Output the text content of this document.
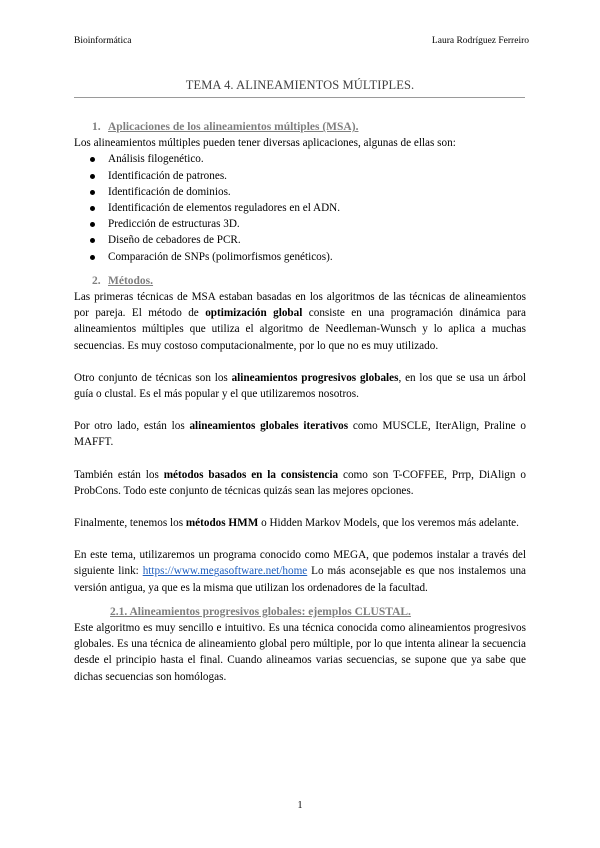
Bioinformática	Laura Rodríguez Ferreiro
TEMA 4. ALINEAMIENTOS MÚLTIPLES.
1. Aplicaciones de los alineamientos múltiples (MSA).

Los alineamientos múltiples pueden tener diversas aplicaciones, algunas de ellas son:

Análisis filogenético.
Identificación de patrones.
Identificación de dominios.
Identificación de elementos reguladores en el ADN.
Predicción de estructuras 3D.
Diseño de cebadores de PCR.
Comparación de SNPs (polimorfismos genéticos).
2. Métodos.

Las primeras técnicas de MSA estaban basadas en los algoritmos de las técnicas de alineamientos por pareja. El método de optimización global consiste en una programación dinámica para alineamientos múltiples que utiliza el algoritmo de Needleman-Wunsch y lo aplica a muchas secuencias. Es muy costoso computacionalmente, por lo que no es muy utilizado.

Otro conjunto de técnicas son los alineamientos progresivos globales, en los que se usa un árbol guía o clustal. Es el más popular y el que utilizaremos nosotros.

Por otro lado, están los alineamientos globales iterativos como MUSCLE, IterAlign, Praline o MAFFT.

También están los métodos basados en la consistencia como son T-COFFEE, Prrp, DiAlign o ProbCons. Todo este conjunto de técnicas quizás sean las mejores opciones.

Finalmente, tenemos los métodos HMM o Hidden Markov Models, que los veremos más adelante.

En este tema, utilizaremos un programa conocido como MEGA, que podemos instalar a través del siguiente link: https://www.megasoftware.net/home Lo más aconsejable es que nos instalemos una versión antigua, ya que es la misma que utilizan los ordenadores de la facultad.

2.1. Alineamientos progresivos globales: ejemplos CLUSTAL.

Este algoritmo es muy sencillo e intuitivo. Es una técnica conocida como alineamientos progresivos globales. Es una técnica de alineamiento global pero múltiple, por lo que intenta alinear la secuencia desde el principio hasta el final. Cuando alineamos varias secuencias, se supone que ya sabe que dichas secuencias son homólogas.

1
